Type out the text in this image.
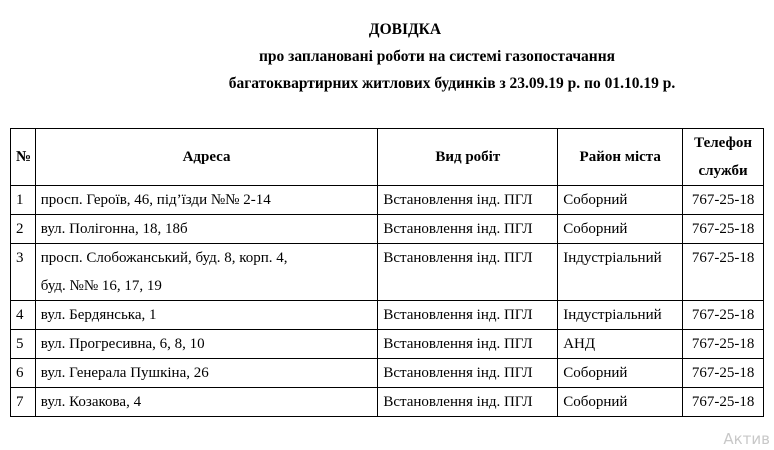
ДОВІДКА
про заплановані роботи на системі газопостачання
багатоквартирних житлових будинків з 23.09.19 р. по 01.10.19 р.
№	Адреса	Вид робіт	Район міста	Телефон
служби

1	просп. Героїв, 46, під’їзди №№ 2-14	Встановлення інд. ПГЛ	Соборний	767-25-18
2	вул. Полігонна, 18, 18б	Встановлення інд. ПГЛ	Соборний	767-25-18
3	просп. Слобожанський, буд. 8, корп. 4,
буд. №№ 16, 17, 19	Встановлення інд. ПГЛ	Індустріальний	767-25-18
4	вул. Бердянська, 1	Встановлення інд. ПГЛ	Індустріальний	767-25-18
5	вул. Прогресивна, 6, 8, 10	Встановлення інд. ПГЛ	АНД	767-25-18
6	вул. Генерала Пушкіна, 26	Встановлення інд. ПГЛ	Соборний	767-25-18
7	вул. Козакова, 4	Встановлення інд. ПГЛ	Соборний	767-25-18
Актив
